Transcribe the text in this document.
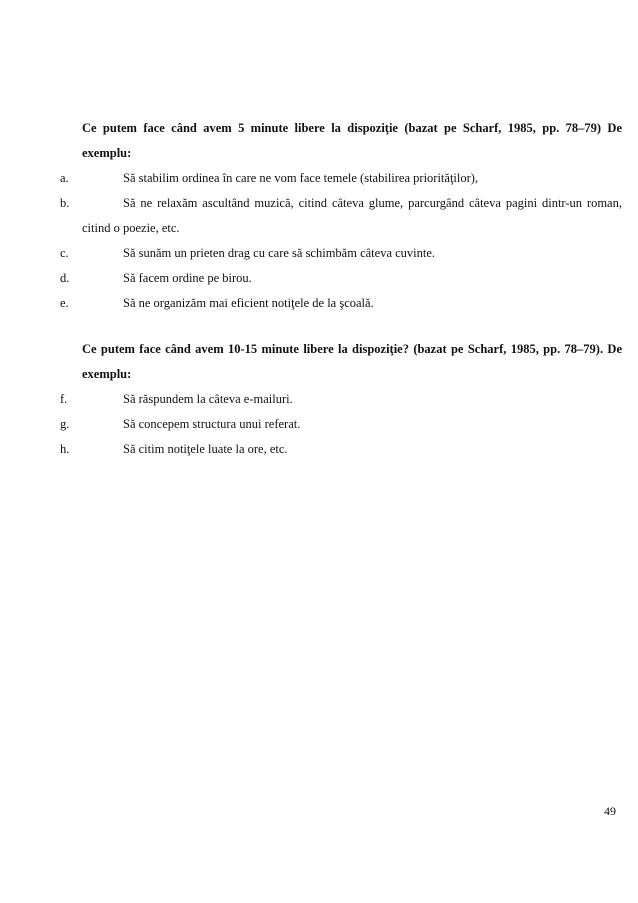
Ce putem face când avem 5 minute libere la dispoziţie (bazat pe Scharf, 1985, pp. 78–79) De exemplu:

a.	Să stabilim ordinea în care ne vom face temele (stabilirea priorităţilor),
b.	Să ne relaxăm ascultând muzică, citind câteva glume, parcurgând câteva pagini dintr-un roman, citind o poezie, etc.
c.	Să sunăm un prieten drag cu care să schimbăm câteva cuvinte.
d.	Să facem ordine pe birou.
e.	Să ne organizăm mai eficient notiţele de la şcoală.

Ce putem face când avem 10-15 minute libere la dispoziţie? (bazat pe Scharf, 1985, pp. 78–79). De exemplu:

f.	Să răspundem la câteva e-mailuri.
g.	Să concepem structura unui referat.
h.	Să citim notiţele luate la ore, etc.
49
